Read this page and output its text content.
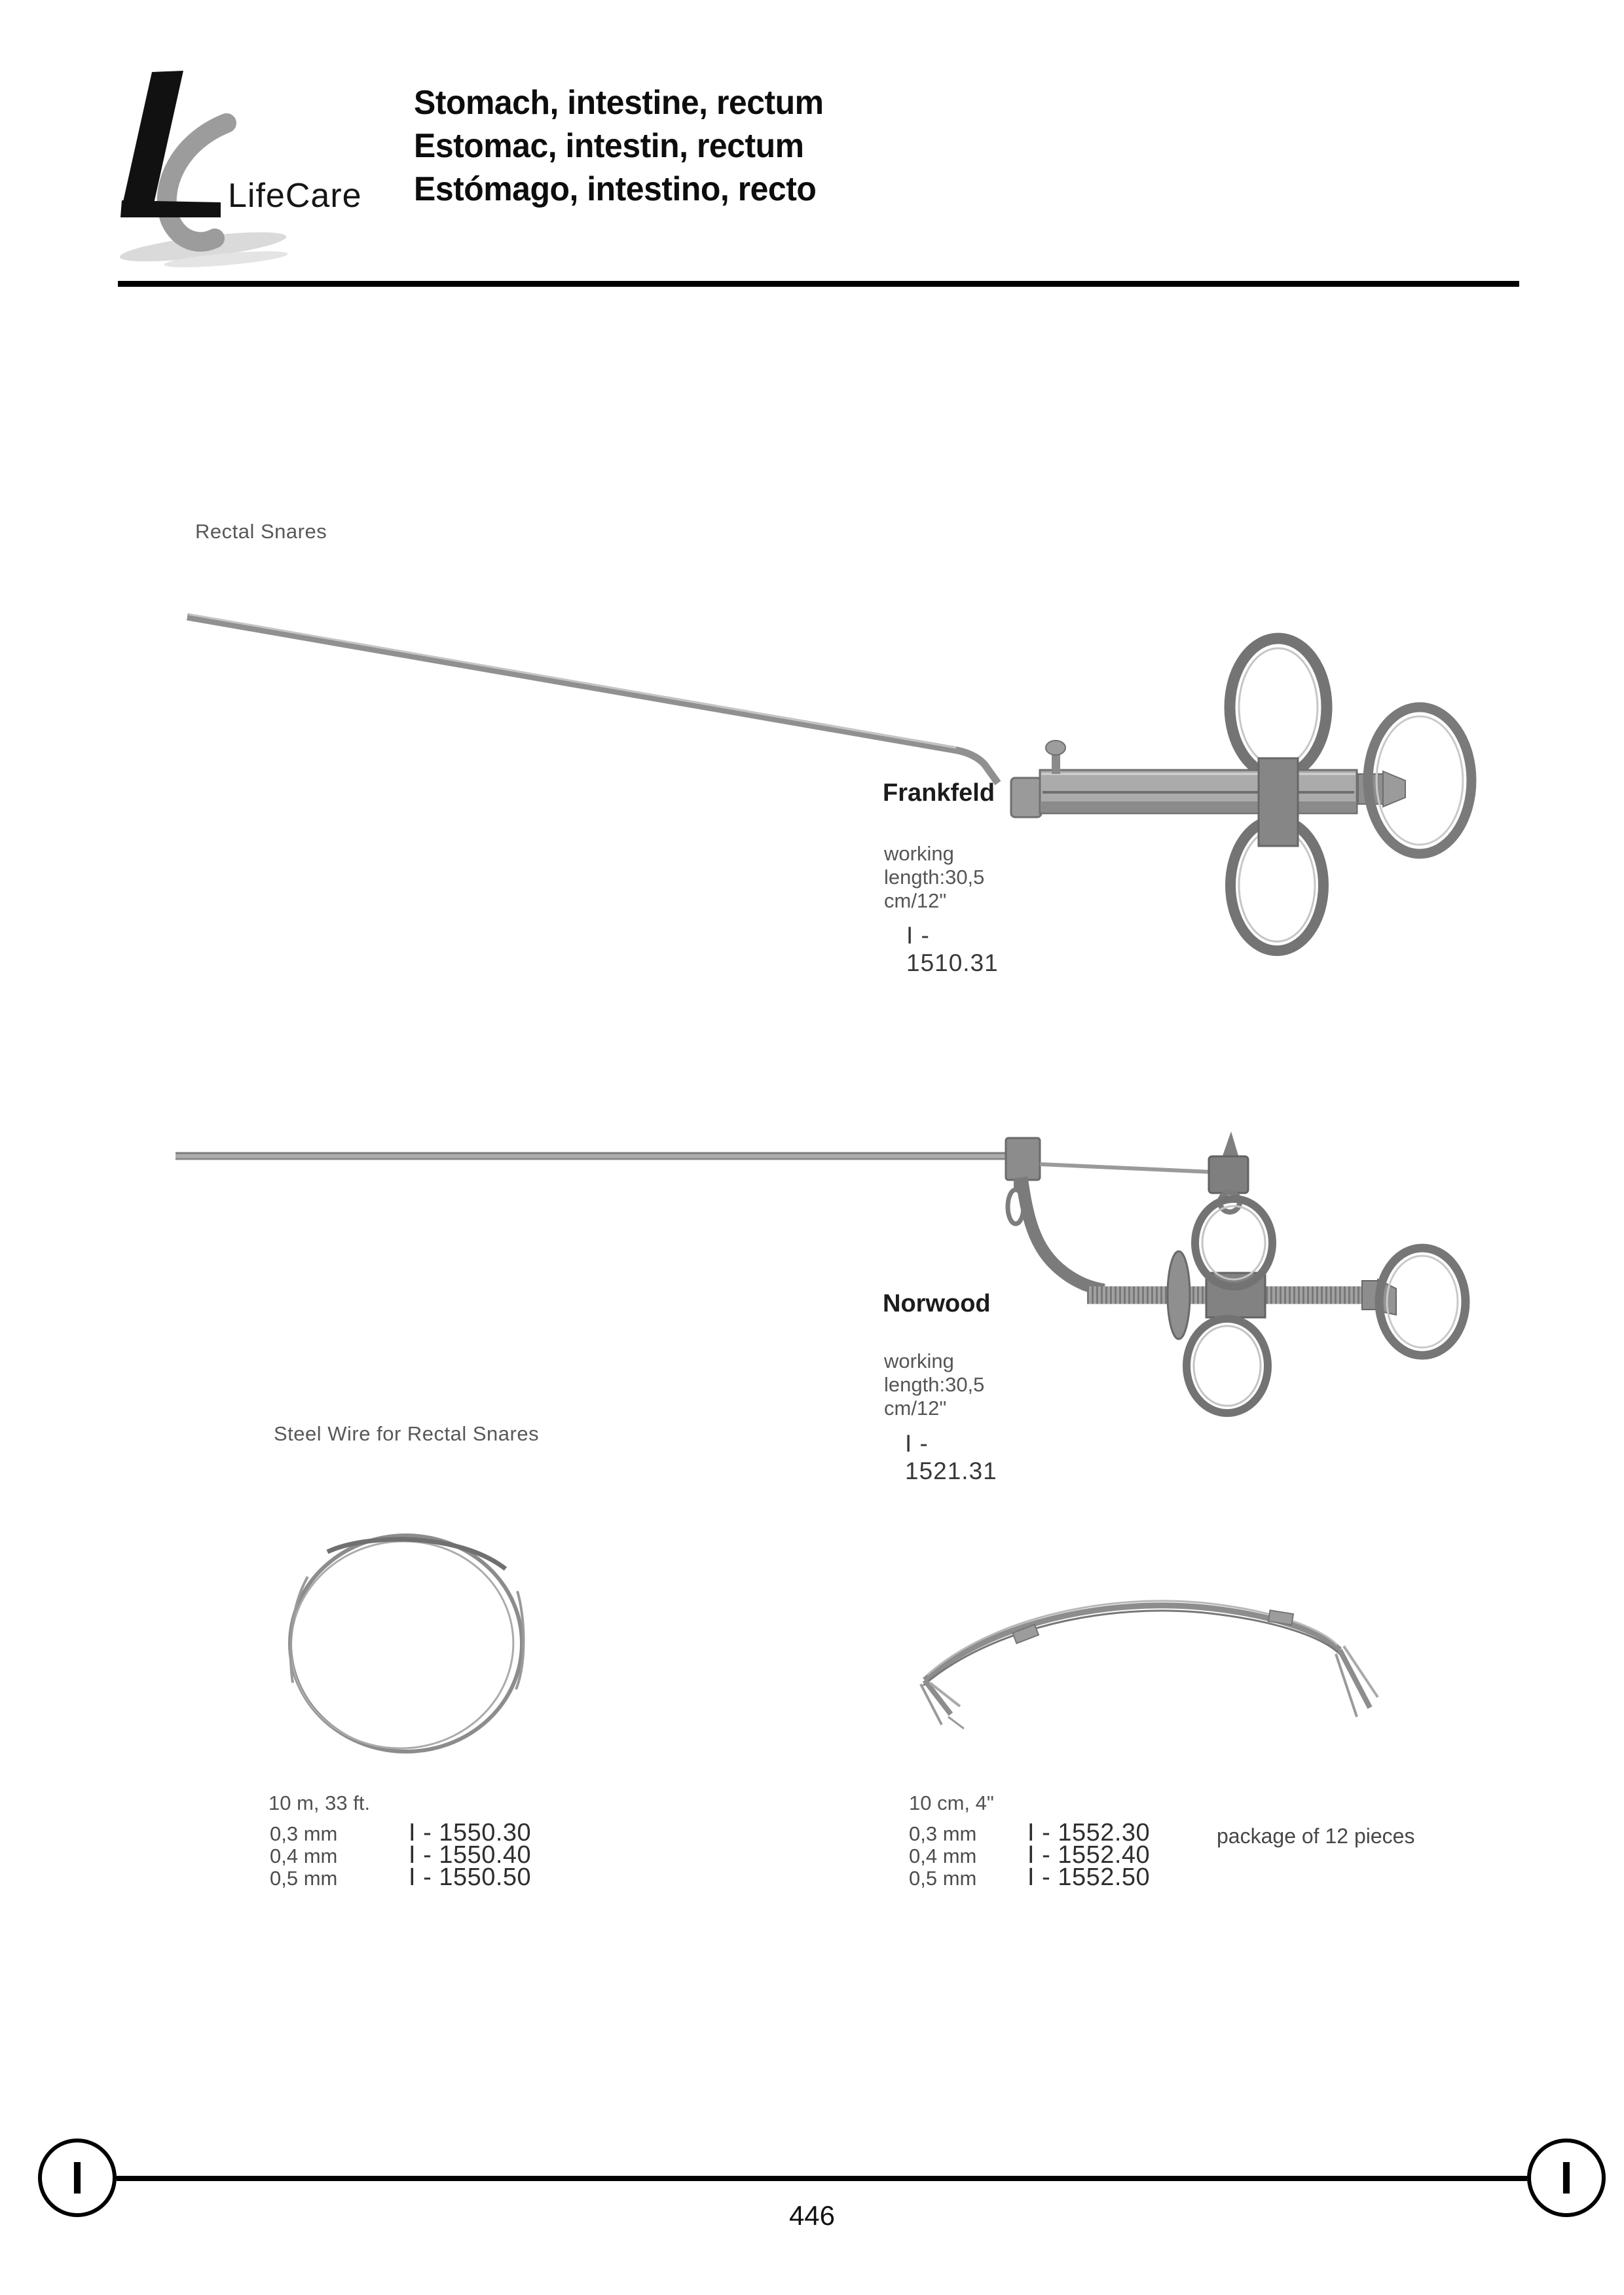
LifeCare
Stomach, intestine, rectum
Estomac, intestin, rectum
Estómago, intestino, recto
Rectal Snares
Frankfeld
working length:30,5 cm/12"
I - 1510.31
Norwood
working length:30,5 cm/12"
I - 1521.31
Steel Wire for Rectal Snares
10 m, 33 ft.
0,3 mm	I - 1550.30
0,4 mm	I - 1550.40
0,5 mm	I - 1550.50
10 cm, 4"
0,3 mm	I - 1552.30
0,4 mm	I - 1552.40
0,5 mm	I - 1552.50
package of 12 pieces
I	I
446
